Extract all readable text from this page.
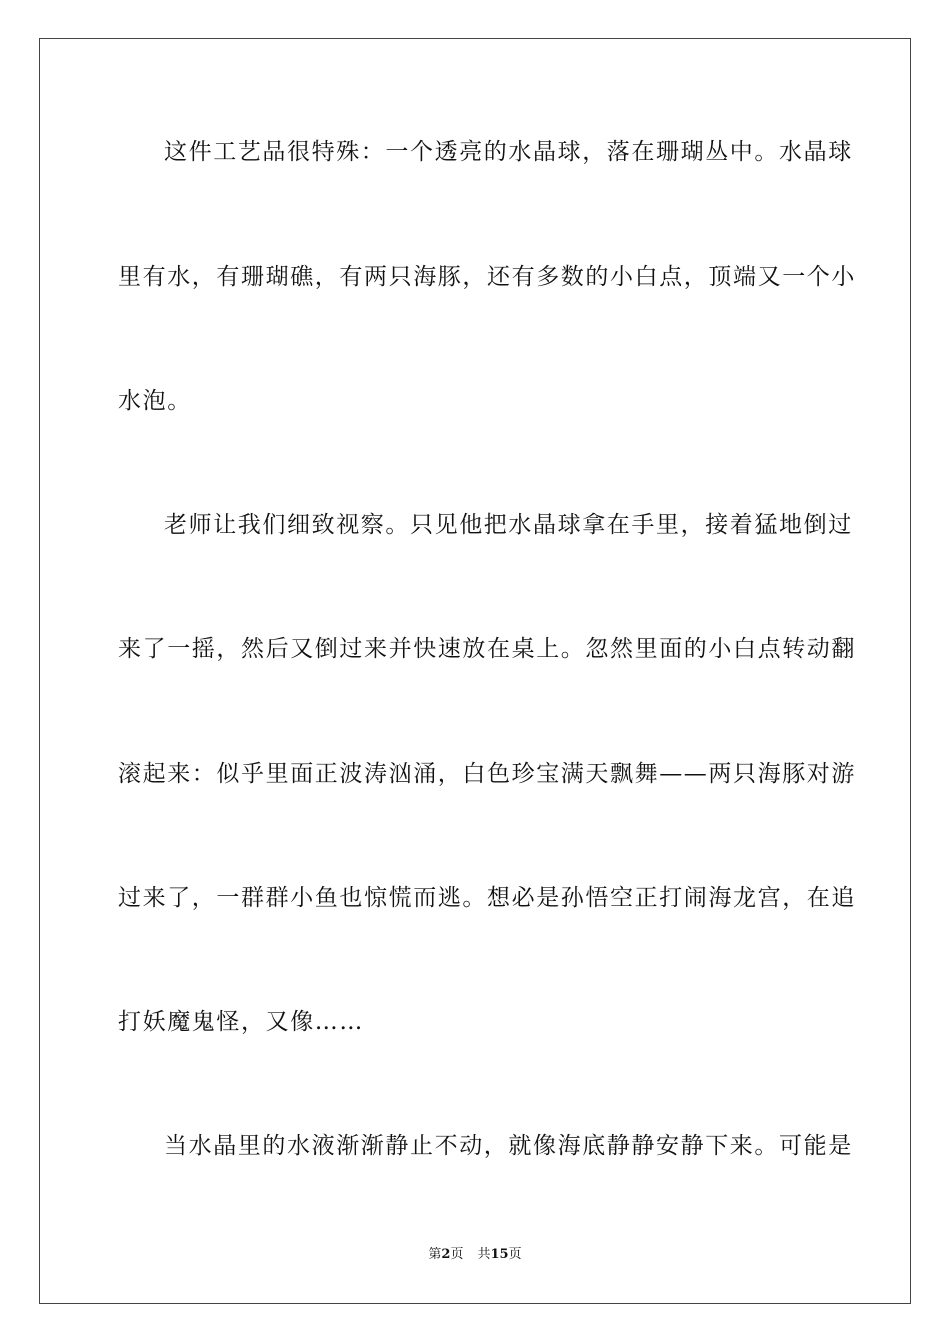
这件工艺品很特殊：一个透亮的水晶球，落在珊瑚丛中。水晶球
里有水，有珊瑚礁，有两只海豚，还有多数的小白点，顶端又一个小
水泡。
老师让我们细致视察。只见他把水晶球拿在手里，接着猛地倒过
来了一摇，然后又倒过来并快速放在桌上。忽然里面的小白点转动翻
滚起来：似乎里面正波涛汹涌，白色珍宝满天飘舞——两只海豚对游
过来了，一群群小鱼也惊慌而逃。想必是孙悟空正打闹海龙宫，在追
打妖魔鬼怪，又像……
当水晶里的水液渐渐静止不动，就像海底静静安静下来。可能是
第2页 共15页
